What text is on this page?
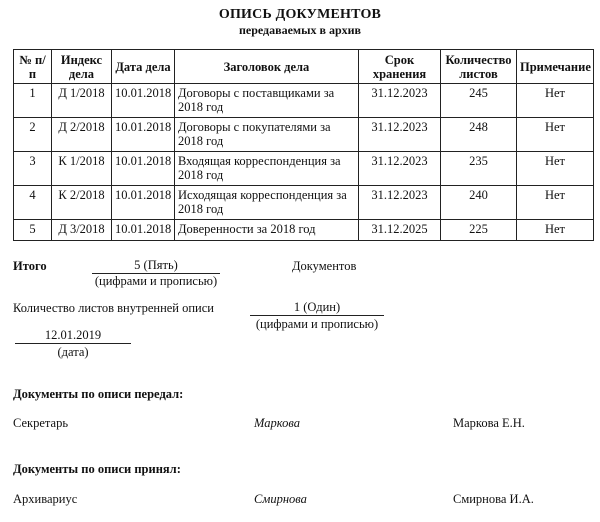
ОПИСЬ ДОКУМЕНТОВ
передаваемых в архив
№ п/п	Индекс дела	Дата дела	Заголовок дела	Срок хранения	Количество листов	Примечание
1	Д 1/2018	10.01.2018	Договоры с поставщиками за 2018 год	31.12.2023	245	Нет
2	Д 2/2018	10.01.2018	Договоры с покупателями за 2018 год	31.12.2023	248	Нет
3	К 1/2018	10.01.2018	Входящая корреспонденция за 2018 год	31.12.2023	235	Нет
4	К 2/2018	10.01.2018	Исходящая корреспонденция за 2018 год	31.12.2023	240	Нет
5	Д 3/2018	10.01.2018	Доверенности за 2018 год	31.12.2025	225	Нет
Итого	5 (Пять)
(цифрами и прописью)
Документов
Количество листов внутренней описи	1 (Один)
(цифрами и прописью)
12.01.2019
(дата)
Документы по описи передал:
Секретарь	Маркова	Маркова Е.Н.
Документы по описи принял:
Архивариус	Смирнова	Смирнова И.А.
